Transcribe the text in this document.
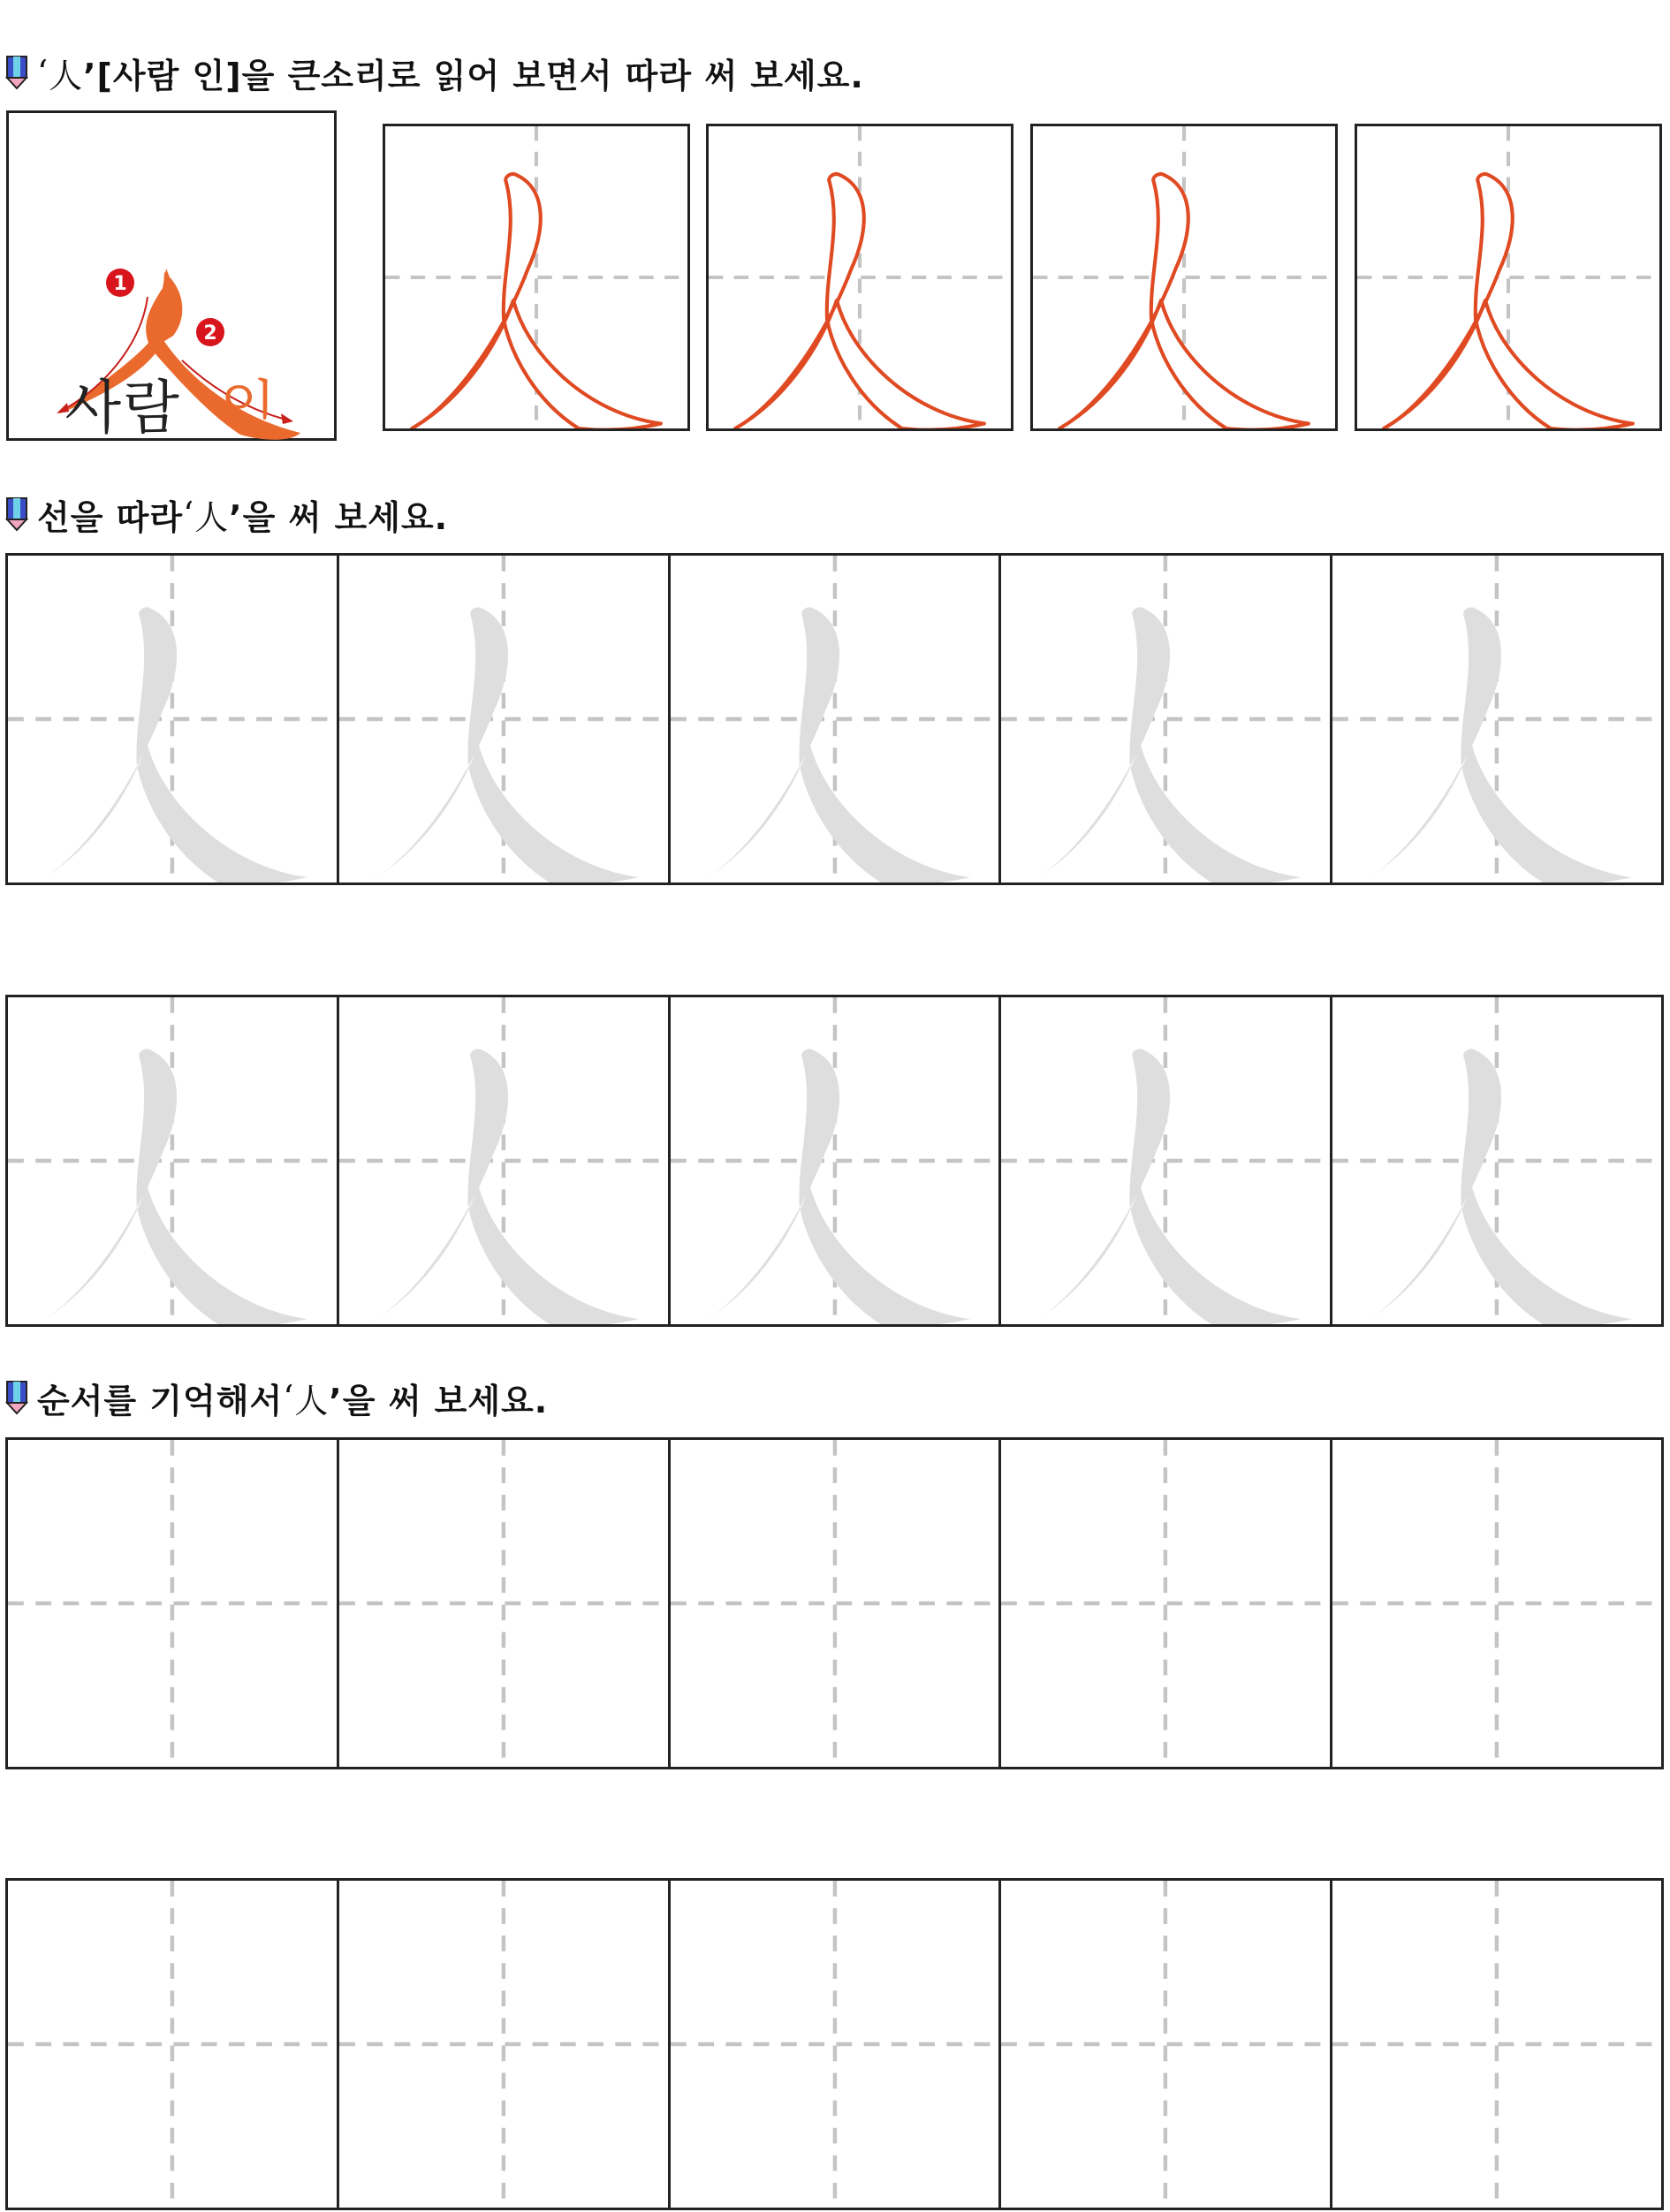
‘ 人 ’[사람 인]을 큰소리로 읽어 보면서 따라 써 보세요.
1
2
사람 인
선을 따라 ‘ 人 ’을 써 보세요.
순서를 기억해서 ‘ 人 ’을 써 보세요.
